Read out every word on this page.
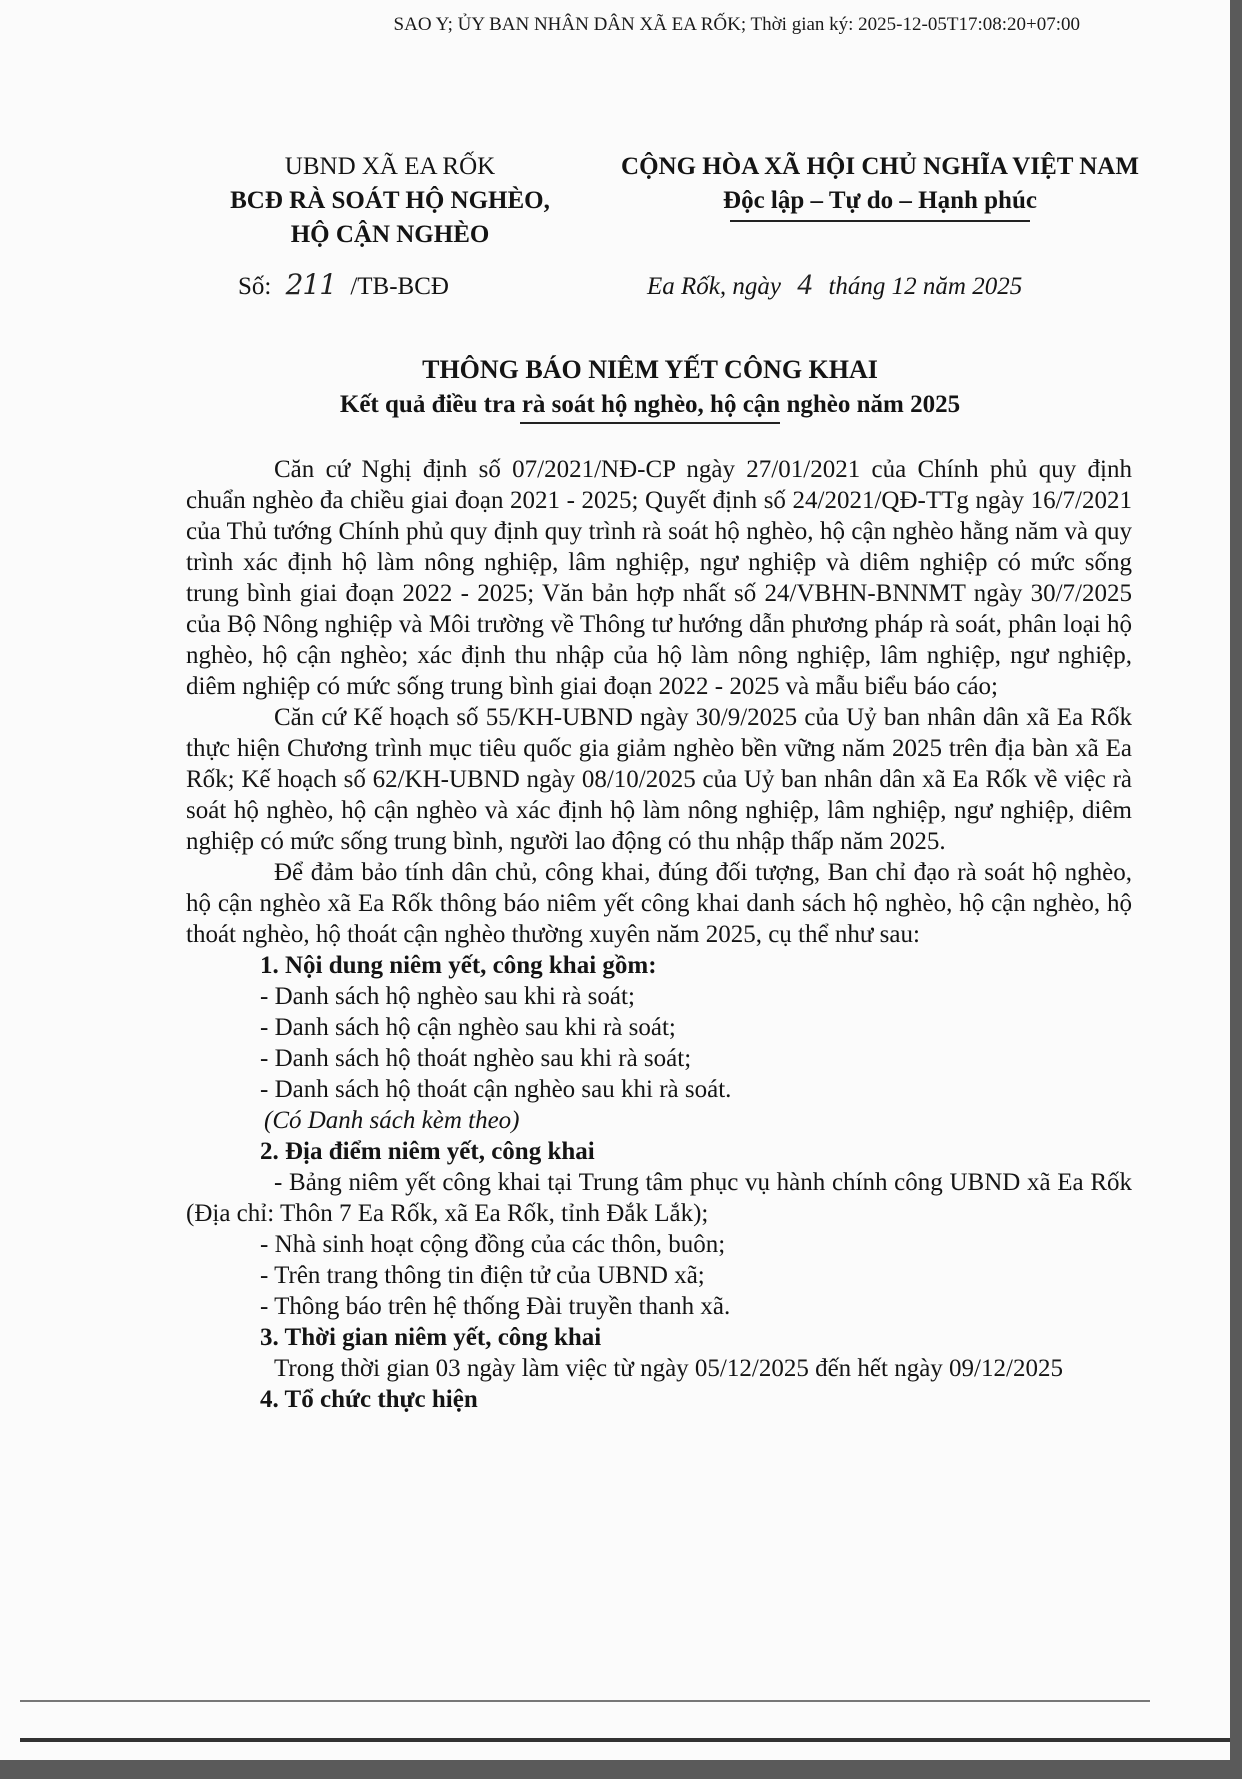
SAO Y; ỦY BAN NHÂN DÂN XÃ EA RỐK; Thời gian ký: 2025-12-05T17:08:20+07:00
UBND XÃ EA RỐK
BCĐ RÀ SOÁT HỘ NGHÈO,
HỘ CẬN NGHÈO
CỘNG HÒA XÃ HỘI CHỦ NGHĨA VIỆT NAM
Độc lập – Tự do – Hạnh phúc
Số: 211 /TB-BCĐ	Ea Rốk, ngày 4 tháng 12 năm 2025
THÔNG BÁO NIÊM YẾT CÔNG KHAI
Kết quả điều tra rà soát hộ nghèo, hộ cận nghèo năm 2025

Căn cứ Nghị định số 07/2021/NĐ-CP ngày 27/01/2021 của Chính phủ quy định chuẩn nghèo đa chiều giai đoạn 2021 - 2025; Quyết định số 24/2021/QĐ-TTg ngày 16/7/2021 của Thủ tướng Chính phủ quy định quy trình rà soát hộ nghèo, hộ cận nghèo hằng năm và quy trình xác định hộ làm nông nghiệp, lâm nghiệp, ngư nghiệp và diêm nghiệp có mức sống trung bình giai đoạn 2022 - 2025; Văn bản hợp nhất số 24/VBHN-BNNMT ngày 30/7/2025 của Bộ Nông nghiệp và Môi trường về Thông tư hướng dẫn phương pháp rà soát, phân loại hộ nghèo, hộ cận nghèo; xác định thu nhập của hộ làm nông nghiệp, lâm nghiệp, ngư nghiệp, diêm nghiệp có mức sống trung bình giai đoạn 2022 - 2025 và mẫu biểu báo cáo;

Căn cứ Kế hoạch số 55/KH-UBND ngày 30/9/2025 của Uỷ ban nhân dân xã Ea Rốk thực hiện Chương trình mục tiêu quốc gia giảm nghèo bền vững năm 2025 trên địa bàn xã Ea Rốk; Kế hoạch số 62/KH-UBND ngày 08/10/2025 của Uỷ ban nhân dân xã Ea Rốk về việc rà soát hộ nghèo, hộ cận nghèo và xác định hộ làm nông nghiệp, lâm nghiệp, ngư nghiệp, diêm nghiệp có mức sống trung bình, người lao động có thu nhập thấp năm 2025.

Để đảm bảo tính dân chủ, công khai, đúng đối tượng, Ban chỉ đạo rà soát hộ nghèo, hộ cận nghèo xã Ea Rốk thông báo niêm yết công khai danh sách hộ nghèo, hộ cận nghèo, hộ thoát nghèo, hộ thoát cận nghèo thường xuyên năm 2025, cụ thể như sau:

1. Nội dung niêm yết, công khai gồm:

- Danh sách hộ nghèo sau khi rà soát;

- Danh sách hộ cận nghèo sau khi rà soát;

- Danh sách hộ thoát nghèo sau khi rà soát;

- Danh sách hộ thoát cận nghèo sau khi rà soát.

(Có Danh sách kèm theo)

2. Địa điểm niêm yết, công khai

- Bảng niêm yết công khai tại Trung tâm phục vụ hành chính công UBND xã Ea Rốk (Địa chỉ: Thôn 7 Ea Rốk, xã Ea Rốk, tỉnh Đắk Lắk);

- Nhà sinh hoạt cộng đồng của các thôn, buôn;

- Trên trang thông tin điện tử của UBND xã;

- Thông báo trên hệ thống Đài truyền thanh xã.

3. Thời gian niêm yết, công khai

Trong thời gian 03 ngày làm việc từ ngày 05/12/2025 đến hết ngày 09/12/2025

4. Tổ chức thực hiện
